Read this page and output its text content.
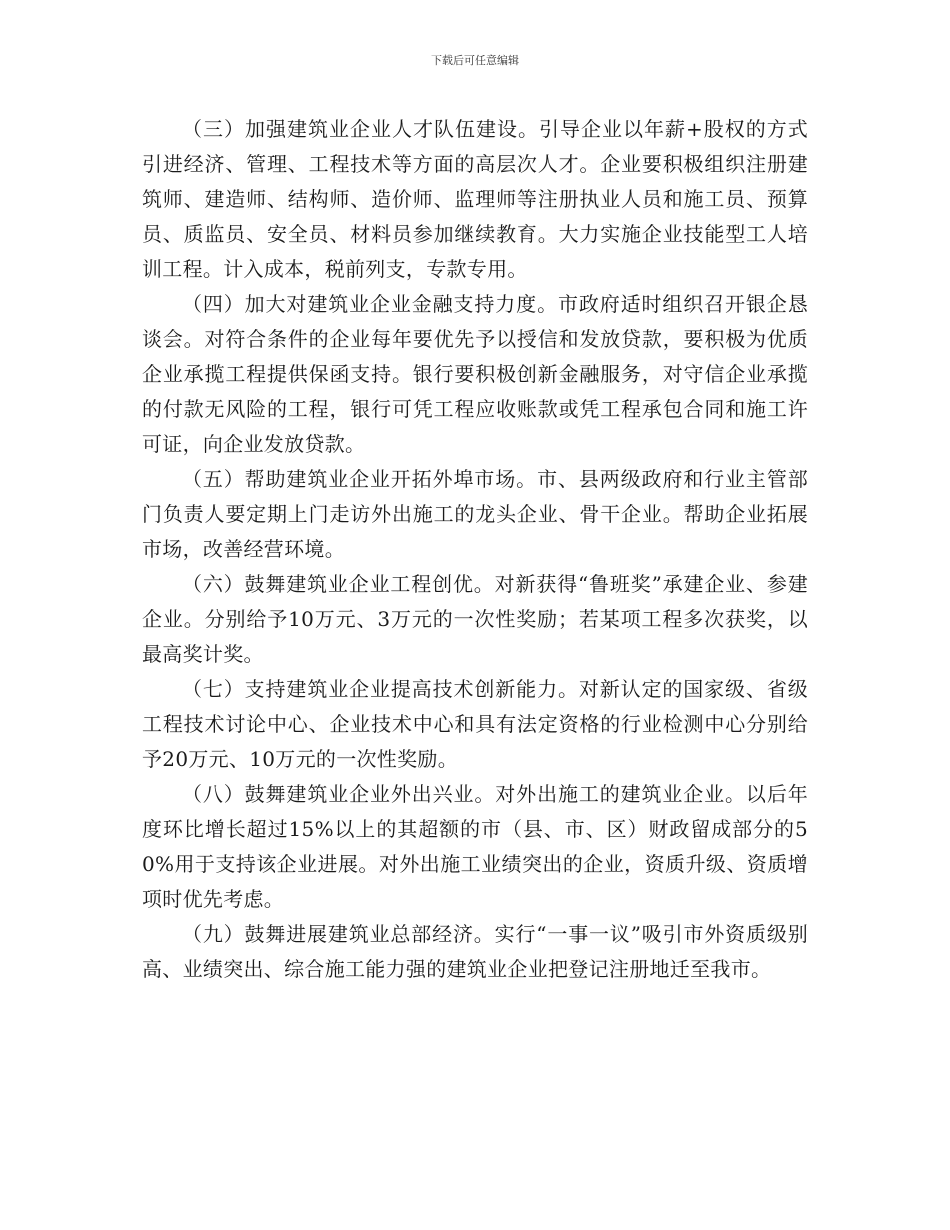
下载后可任意编辑

（三）加强建筑业企业人才队伍建设。引导企业以年薪+股权的方式引进经济、管理、工程技术等方面的高层次人才。企业要积极组织注册建筑师、建造师、结构师、造价师、监理师等注册执业人员和施工员、预算员、质监员、安全员、材料员参加继续教育。大力实施企业技能型工人培训工程。计入成本，税前列支，专款专用。

（四）加大对建筑业企业金融支持力度。市政府适时组织召开银企恳谈会。对符合条件的企业每年要优先予以授信和发放贷款，要积极为优质企业承揽工程提供保函支持。银行要积极创新金融服务，对守信企业承揽的付款无风险的工程，银行可凭工程应收账款或凭工程承包合同和施工许可证，向企业发放贷款。

（五）帮助建筑业企业开拓外埠市场。市、县两级政府和行业主管部门负责人要定期上门走访外出施工的龙头企业、骨干企业。帮助企业拓展市场，改善经营环境。

（六）鼓舞建筑业企业工程创优。对新获得“鲁班奖”承建企业、参建企业。分别给予10万元、3万元的一次性奖励；若某项工程多次获奖，以最高奖计奖。

（七）支持建筑业企业提高技术创新能力。对新认定的国家级、省级工程技术讨论中心、企业技术中心和具有法定资格的行业检测中心分别给予20万元、10万元的一次性奖励。

（八）鼓舞建筑业企业外出兴业。对外出施工的建筑业企业。以后年度环比增长超过15%以上的其超额的市（县、市、区）财政留成部分的50%用于支持该企业进展。对外出施工业绩突出的企业，资质升级、资质增项时优先考虑。

（九）鼓舞进展建筑业总部经济。实行“一事一议”吸引市外资质级别高、业绩突出、综合施工能力强的建筑业企业把登记注册地迁至我市。
